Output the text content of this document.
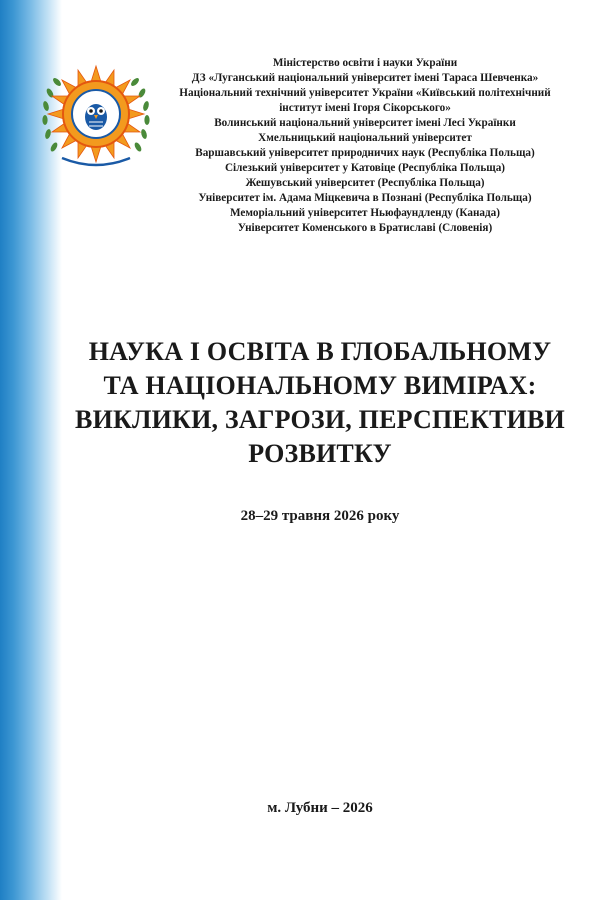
Міністерство освіти і науки України
ДЗ «Луганський національний університет імені Тараса Шевченка»
Національний технічний університет України «Київський політехнічний
інститут імені Ігоря Сікорського»
Волинський національний університет імені Лесі Українки
Хмельницький національний університет
Варшавський університет природничих наук (Республіка Польща)
Сілезький університет у Катовіце (Республіка Польща)
Жешувський університет (Республіка Польща)
Університет ім. Адама Міцкевича в Познані (Республіка Польща)
Меморіальний університет Ньюфаундленду (Канада)
Університет Коменського в Братиславі (Словенія)
НАУКА І ОСВІТА В ГЛОБАЛЬНОМУ
ТА НАЦІОНАЛЬНОМУ ВИМІРАХ:
ВИКЛИКИ, ЗАГРОЗИ, ПЕРСПЕКТИВИ
РОЗВИТКУ
28–29 травня 2026 року
м. Лубни – 2026
